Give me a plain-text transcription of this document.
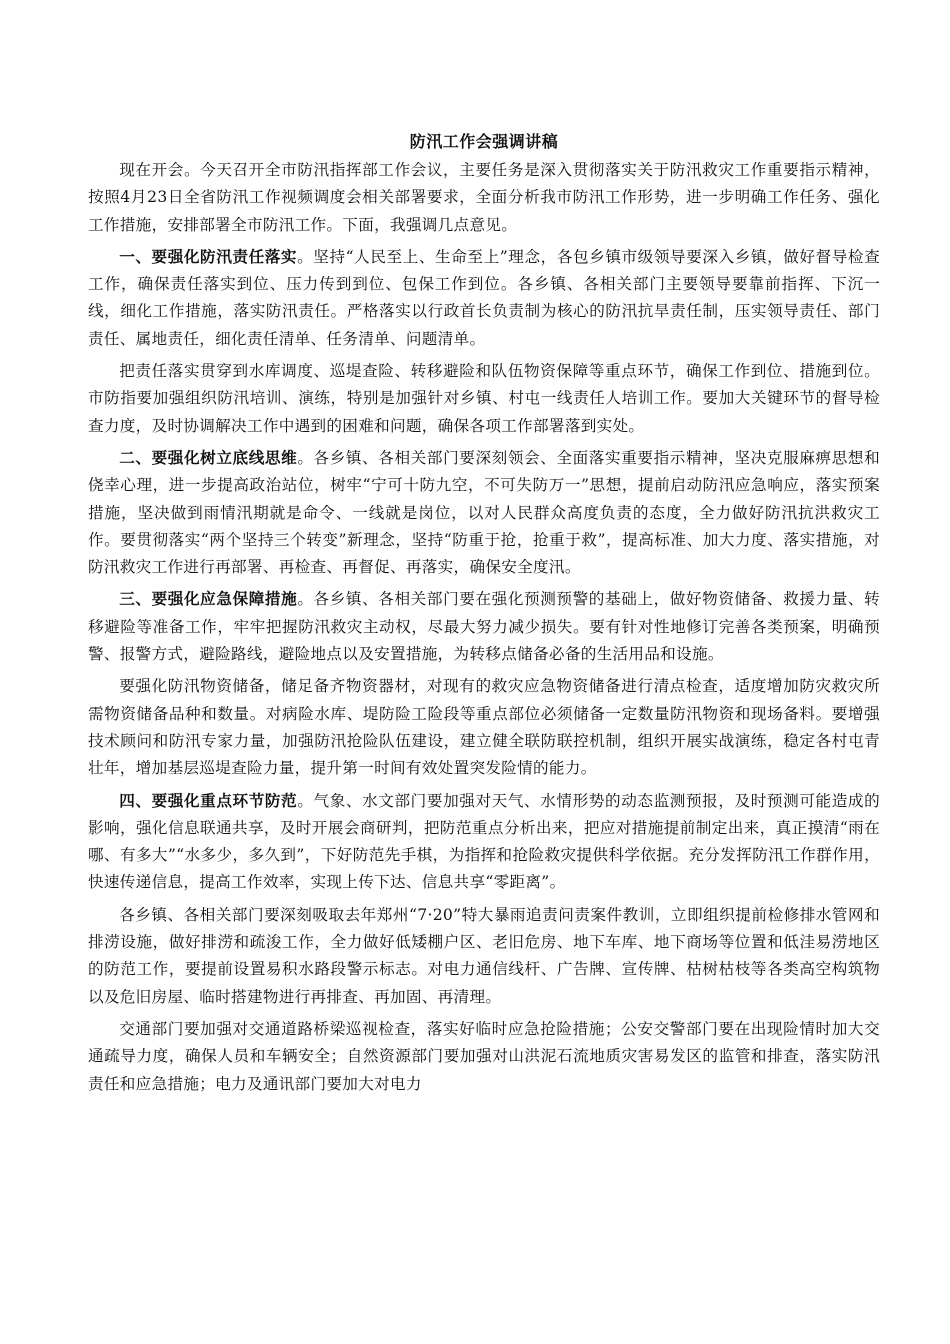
防汛工作会强调讲稿

现在开会。今天召开全市防汛指挥部工作会议，主要任务是深入贯彻落实关于防汛救灾工作重要指示精神，按照4月23日全省防汛工作视频调度会相关部署要求，全面分析我市防汛工作形势，进一步明确工作任务、强化工作措施，安排部署全市防汛工作。下面，我强调几点意见。

一、要强化防汛责任落实。坚持“人民至上、生命至上”理念，各包乡镇市级领导要深入乡镇，做好督导检查工作，确保责任落实到位、压力传到到位、包保工作到位。各乡镇、各相关部门主要领导要靠前指挥、下沉一线，细化工作措施，落实防汛责任。严格落实以行政首长负责制为核心的防汛抗旱责任制，压实领导责任、部门责任、属地责任，细化责任清单、任务清单、问题清单。

把责任落实贯穿到水库调度、巡堤查险、转移避险和队伍物资保障等重点环节，确保工作到位、措施到位。市防指要加强组织防汛培训、演练，特别是加强针对乡镇、村屯一线责任人培训工作。要加大关键环节的督导检查力度，及时协调解决工作中遇到的困难和问题，确保各项工作部署落到实处。

二、要强化树立底线思维。各乡镇、各相关部门要深刻领会、全面落实重要指示精神，坚决克服麻痹思想和侥幸心理，进一步提高政治站位，树牢“宁可十防九空，不可失防万一”思想，提前启动防汛应急响应，落实预案措施，坚决做到雨情汛期就是命令、一线就是岗位，以对人民群众高度负责的态度，全力做好防汛抗洪救灾工作。要贯彻落实“两个坚持三个转变”新理念，坚持“防重于抢，抢重于救”，提高标准、加大力度、落实措施，对防汛救灾工作进行再部署、再检查、再督促、再落实，确保安全度汛。

三、要强化应急保障措施。各乡镇、各相关部门要在强化预测预警的基础上，做好物资储备、救援力量、转移避险等准备工作，牢牢把握防汛救灾主动权，尽最大努力减少损失。要有针对性地修订完善各类预案，明确预警、报警方式，避险路线，避险地点以及安置措施，为转移点储备必备的生活用品和设施。

要强化防汛物资储备，储足备齐物资器材，对现有的救灾应急物资储备进行清点检查，适度增加防灾救灾所需物资储备品种和数量。对病险水库、堤防险工险段等重点部位必须储备一定数量防汛物资和现场备料。要增强技术顾问和防汛专家力量，加强防汛抢险队伍建设，建立健全联防联控机制，组织开展实战演练，稳定各村屯青壮年，增加基层巡堤查险力量，提升第一时间有效处置突发险情的能力。

四、要强化重点环节防范。气象、水文部门要加强对天气、水情形势的动态监测预报，及时预测可能造成的影响，强化信息联通共享，及时开展会商研判，把防范重点分析出来，把应对措施提前制定出来，真正摸清“雨在哪、有多大”“水多少，多久到”，下好防范先手棋，为指挥和抢险救灾提供科学依据。充分发挥防汛工作群作用，快速传递信息，提高工作效率，实现上传下达、信息共享“零距离”。

各乡镇、各相关部门要深刻吸取去年郑州“7·20”特大暴雨追责问责案件教训，立即组织提前检修排水管网和排涝设施，做好排涝和疏浚工作，全力做好低矮棚户区、老旧危房、地下车库、地下商场等位置和低洼易涝地区的防范工作，要提前设置易积水路段警示标志。对电力通信线杆、广告牌、宣传牌、枯树枯枝等各类高空构筑物以及危旧房屋、临时搭建物进行再排查、再加固、再清理。

交通部门要加强对交通道路桥梁巡视检查，落实好临时应急抢险措施；公安交警部门要在出现险情时加大交通疏导力度，确保人员和车辆安全；自然资源部门要加强对山洪泥石流地质灾害易发区的监管和排查，落实防汛责任和应急措施；电力及通讯部门要加大对电力
